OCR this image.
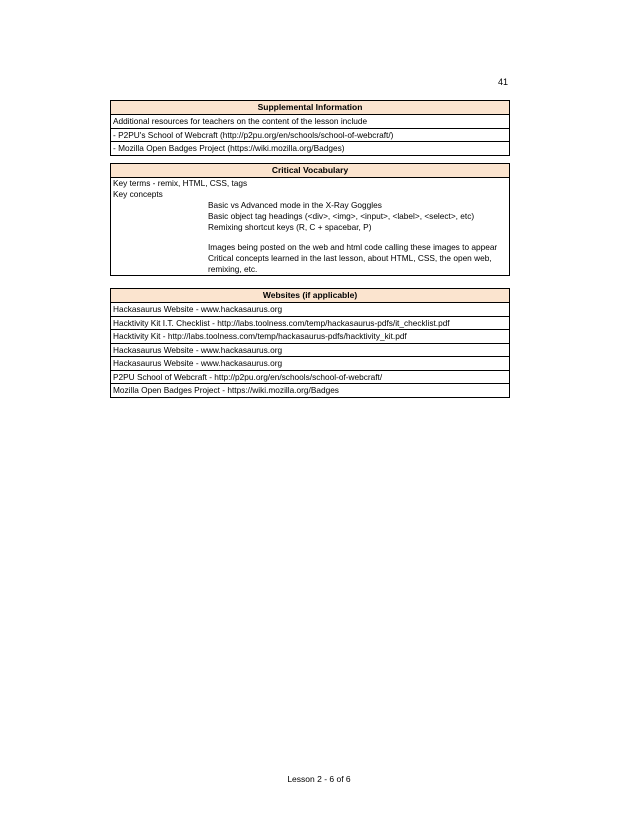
41
Supplemental Information
Additional resources for teachers on the content of the lesson include
- P2PU's School of Webcraft (http://p2pu.org/en/schools/school-of-webcraft/)
- Mozilla Open Badges Project (https://wiki.mozilla.org/Badges)
Critical Vocabulary
Key terms - remix, HTML, CSS, tags
Key concepts
Basic vs Advanced mode in the X-Ray Goggles
Basic object tag headings (<div>, <img>, <input>, <label>, <select>, etc)
Remixing shortcut keys (R, C + spacebar, P)
Images being posted on the web and html code calling these images to appear
Critical concepts learned in the last lesson, about HTML, CSS, the open web,
remixing, etc.
Websites (if applicable)
Hackasaurus Website - www.hackasaurus.org
Hacktivity Kit I.T. Checklist - http://labs.toolness.com/temp/hackasaurus-pdfs/it_checklist.pdf
Hacktivity Kit - http://labs.toolness.com/temp/hackasaurus-pdfs/hacktivity_kit.pdf
Hackasaurus Website - www.hackasaurus.org
Hackasaurus Website - www.hackasaurus.org
P2PU School of Webcraft - http://p2pu.org/en/schools/school-of-webcraft/
Mozilla Open Badges Project - https://wiki.mozilla.org/Badges
Lesson 2 - 6 of 6
